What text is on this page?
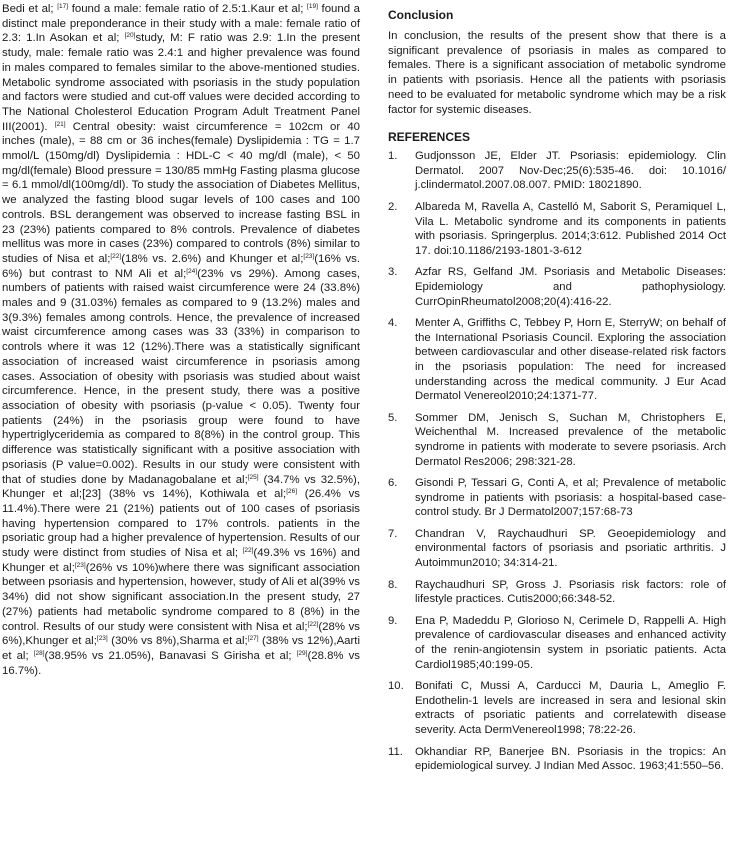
Bedi et al; [17] found a male: female ratio of 2.5:1.Kaur et al; [19] found a distinct male preponderance in their study with a male: female ratio of 2.3: 1.In Asokan et al; [20]study, M: F ratio was 2.9: 1.In the present study, male: female ratio was 2.4:1 and higher prevalence was found in males compared to females similar to the above-mentioned studies. Metabolic syndrome associated with psoriasis in the study population and factors were studied and cut-off values were decided according to The National Cholesterol Education Program Adult Treatment Panel III(2001). [21] Central obesity: waist circumference = 102cm or 40 inches (male), = 88 cm or 36 inches(female) Dyslipidemia : TG = 1.7 mmol/L (150mg/dl) Dyslipidemia : HDL-C < 40 mg/dl (male), < 50 mg/dl(female) Blood pressure = 130/85 mmHg Fasting plasma glucose = 6.1 mmol/dl(100mg/dl). To study the association of Diabetes Mellitus, we analyzed the fasting blood sugar levels of 100 cases and 100 controls. BSL derangement was observed to increase fasting BSL in 23 (23%) patients compared to 8% controls. Prevalence of diabetes mellitus was more in cases (23%) compared to controls (8%) similar to studies of Nisa et al;[22](18% vs. 2.6%) and Khunger et al;[23](16% vs. 6%) but contrast to NM Ali et al;[24](23% vs 29%). Among cases, numbers of patients with raised waist circumference were 24 (33.8%) males and 9 (31.03%) females as compared to 9 (13.2%) males and 3(9.3%) females among controls. Hence, the prevalence of increased waist circumference among cases was 33 (33%) in comparison to controls where it was 12 (12%).There was a statistically significant association of increased waist circumference in psoriasis among cases. Association of obesity with psoriasis was studied about waist circumference. Hence, in the present study, there was a positive association of obesity with psoriasis (p-value < 0.05). Twenty four patients (24%) in the psoriasis group were found to have hypertriglyceridemia as compared to 8(8%) in the control group. This difference was statistically significant with a positive association with psoriasis (P value=0.002). Results in our study were consistent with that of studies done by Madanagobalane et al;[25] (34.7% vs 32.5%), Khunger et al;[23] (38% vs 14%), Kothiwala et al;[26] (26.4% vs 11.4%).There were 21 (21%) patients out of 100 cases of psoriasis having hypertension compared to 17% controls. patients in the psoriatic group had a higher prevalence of hypertension. Results of our study were distinct from studies of Nisa et al; [22](49.3% vs 16%) and Khunger et al;[23](26% vs 10%)where there was significant association between psoriasis and hypertension, however, study of Ali et al(39% vs 34%) did not show significant association.In the present study, 27 (27%) patients had metabolic syndrome compared to 8 (8%) in the control. Results of our study were consistent with Nisa et al;[22](28% vs 6%),Khunger et al;[23] (30% vs 8%),Sharma et al;[27] (38% vs 12%),Aarti et al; [28](38.95% vs 21.05%), Banavasi S Girisha et al; [29](28.8% vs 16.7%).

Conclusion

In conclusion, the results of the present show that there is a significant prevalence of psoriasis in males as compared to females. There is a significant association of metabolic syndrome in patients with psoriasis. Hence all the patients with psoriasis need to be evaluated for metabolic syndrome which may be a risk factor for systemic diseases.

REFERENCES
1.	Gudjonsson JE, Elder JT. Psoriasis: epidemiology. Clin Dermatol. 2007 Nov-Dec;25(6):535-46. doi: 10.1016/ j.clindermatol.2007.08.007. PMID: 18021890.
2.	Albareda M, Ravella A, Castelló M, Saborit S, Peramiquel L, Vila L. Metabolic syndrome and its components in patients with psoriasis. Springerplus. 2014;3:612. Published 2014 Oct 17. doi:10.1186/2193-1801-3-612
3.	Azfar RS, Gelfand JM. Psoriasis and Metabolic Diseases: Epidemiology and pathophysiology. CurrOpinRheumatol2008;20(4):416-22.
4.	Menter A, Griffiths C, Tebbey P, Horn E, SterryW; on behalf of the International Psoriasis Council. Exploring the association between cardiovascular and other disease-related risk factors in the psoriasis population: The need for increased understanding across the medical community. J Eur Acad Dermatol Venereol2010;24:1371-77.
5.	Sommer DM, Jenisch S, Suchan M, Christophers E, Weichenthal M. Increased prevalence of the metabolic syndrome in patients with moderate to severe psoriasis. Arch Dermatol Res2006; 298:321-28.
6.	Gisondi P, Tessari G, Conti A, et al; Prevalence of metabolic syndrome in patients with psoriasis: a hospital-based case-control study. Br J Dermatol2007;157:68-73
7.	Chandran V, Raychaudhuri SP. Geoepidemiology and environmental factors of psoriasis and psoriatic arthritis. J Autoimmun2010; 34:314-21.
8.	Raychaudhuri SP, Gross J. Psoriasis risk factors: role of lifestyle practices. Cutis2000;66:348-52.
9.	Ena P, Madeddu P, Glorioso N, Cerimele D, Rappelli A. High prevalence of cardiovascular diseases and enhanced activity of the renin-angiotensin system in psoriatic patients. Acta Cardiol1985;40:199-05.
10. Bonifati C, Mussi A, Carducci M, Dauria L, Ameglio F. Endothelin-1 levels are increased in sera and lesional skin extracts of psoriatic patients and correlatewith disease severity. Acta DermVenereol1998; 78:22-26.
11.	Okhandiar RP, Banerjee BN. Psoriasis in the tropics: An epidemiological survey. J Indian Med Assoc. 1963;41:550–56.
